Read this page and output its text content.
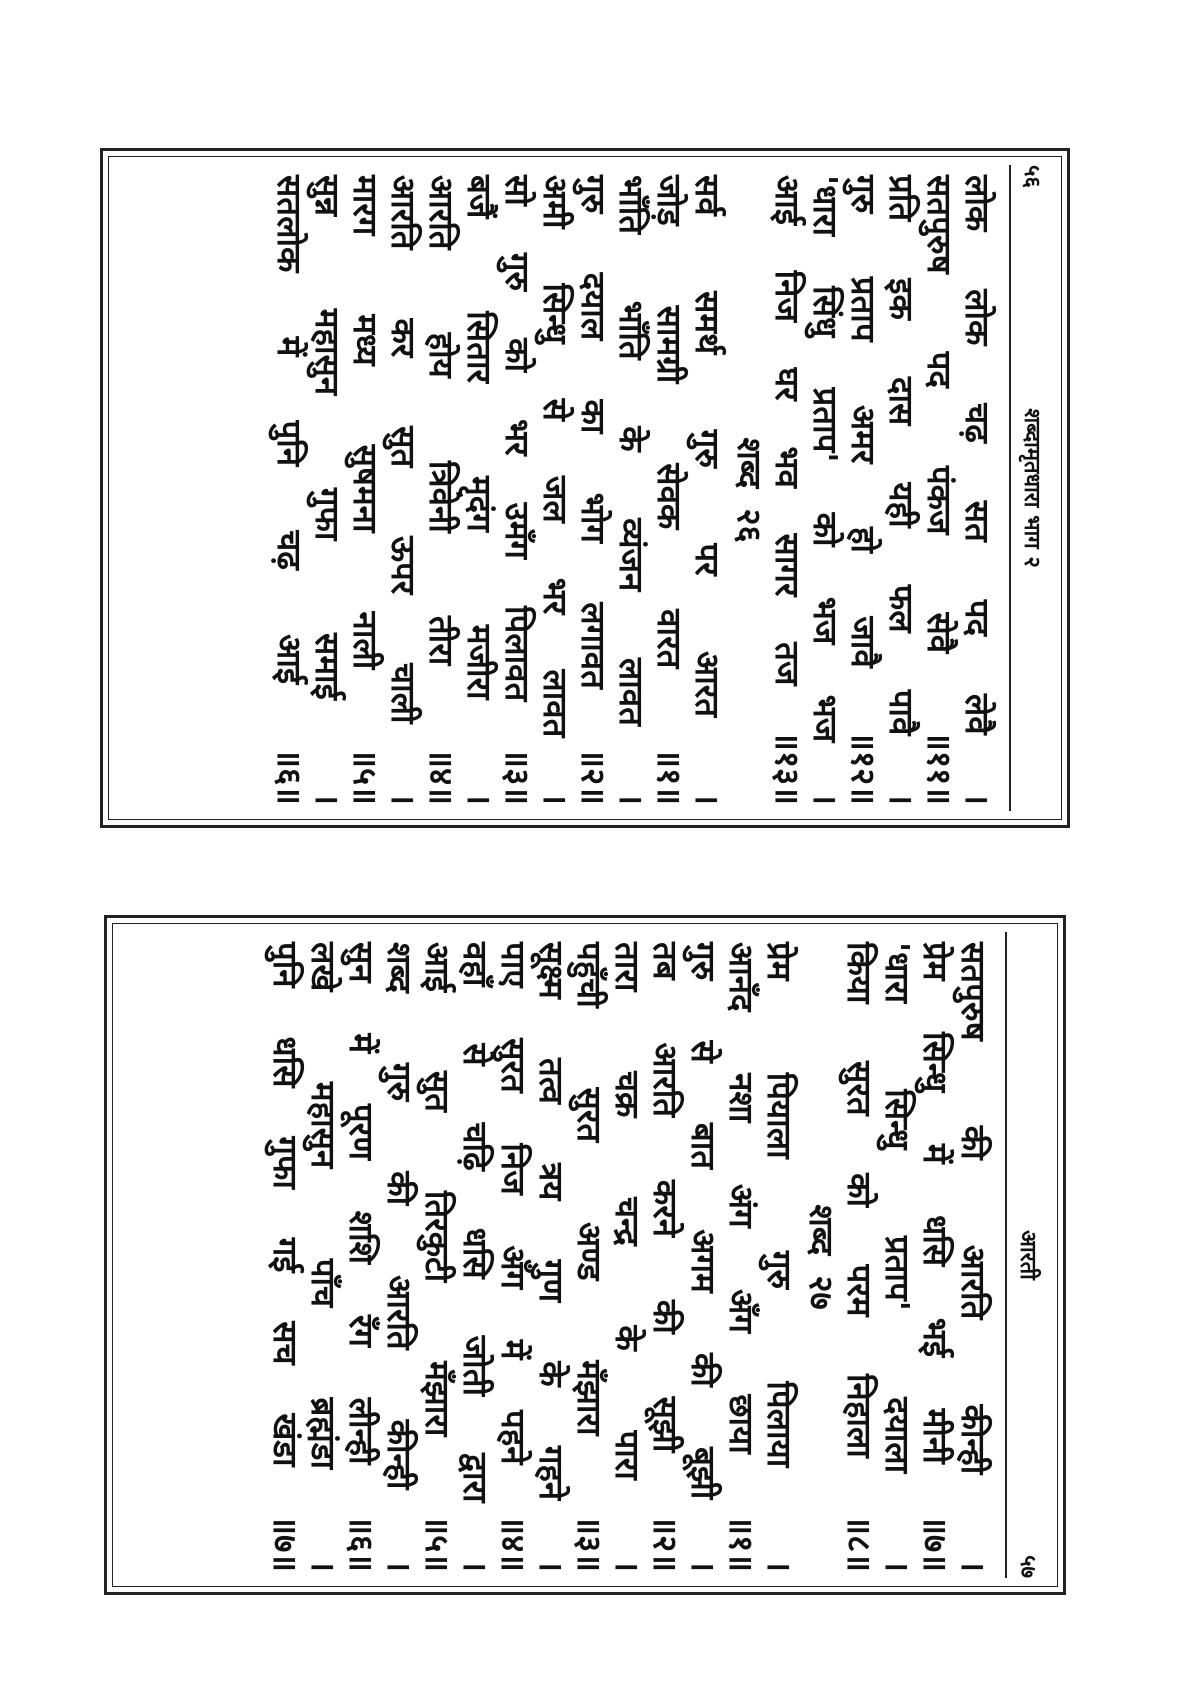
५६
शब्दामृतधारा भाग २
लोक
लोक
चढ़
सत
पद
लेवै
।
सतपुरुष
पद
पंकज
सेवै
॥११॥
प्रति
इक
दास
यही
फल
पावै
।
गुरु
प्रताप
अमर
हो
जावै
॥१२॥
'धारा
सिंधु
प्रताप'
को
भज
भज
।
आई
निज
घर
भव
सागर
तज
॥१३॥
शब्द
२६
सर्व
समर्थ
गुरु
पर
आरत
।
जोड़
सामग्री
सेवक
वारत
॥१॥
भाँति
भाँति
के
व्यंजन
लावत
।
गुरु
दयाल
का
भोग
लगावत
॥२॥
अमी
सिन्धु
से
जल
भर
लावत
।
सो
गुरु
को
भर
उमँग
पिलावत
॥३॥
बजैं
सितार
मृदंग
मजीरा
।
आरति
होय
त्रिवेनी
तीरा
॥४॥
आरति
कर
सुत
ऊपर
चाली
।
मारग
मध्य
सुषमना
नाली
॥५॥
सुन्न
महासुन
गुफा
समाई
।
सतलोक
में
पुनि
चढ़
आई
॥६॥
आरती
५७
सतपुरुष
की
आरति
कीन्ही
।
प्रेम
सिन्धु
में
धसि
भई
मीनी
॥७॥
'धारा
सिन्धु
प्रताप'
दयाला
।
किया
सुरत
को
परम
निहाला
॥८॥
शब्द
२७
प्रेम
पियाला
गुरु
पिलाया
।
आनँद
नशा
अंग
अँग
छाया
॥१॥
गुरु
से
बात
अगम
की
बूझी
।
तब
आरति
करने
की
सूझी
॥२॥
तारा
चक्र
चन्द्र
के
पारा
।
पहुँची
सुरत
अण्ड
मँझारा
॥३॥
सूक्ष्म
तत्व
त्रय
गुण
के
गहने
।
पाए
सुरत
निज
अँग
में
पहने
॥४॥
वहाँ
से
चढ़ि
धसि
जोती
द्वारा
।
आई
सुत
तिरकुटी
मँझारा
॥५॥
शब्द
गुरु
की
आरति
कीन्ही
।
सुन
में
पूरण
शशि
रँग
लीन्ही
॥६॥
लखे
महासुन
पाँच
ब्रह्मंडा
।
पुनि
धसि
गुफा
गई
सच
खंडा
॥७॥
